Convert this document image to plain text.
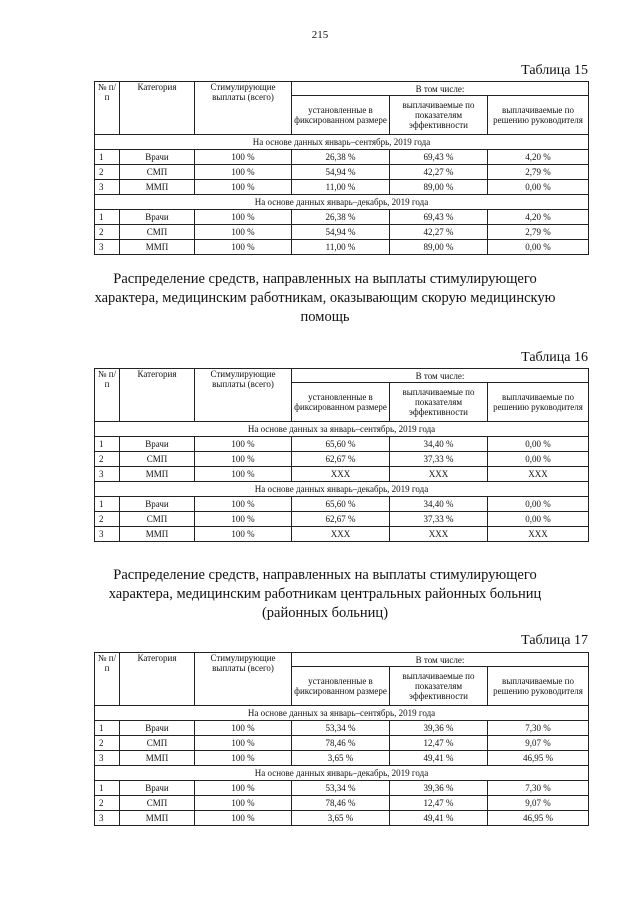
215
Таблица 15
№ п/п	Категория	Стимулирующие выплаты (всего)	В том числе:		
			установленные в фиксированном размере	выплачиваемые по показателям эффективности	выплачиваемые по решению руководителя
На основе данных январь–сентябрь, 2019 года					
1	Врачи	100 %	26,38 %	69,43 %	4,20 %
2	СМП	100 %	54,94 %	42,27 %	2,79 %
3	ММП	100 %	11,00 %	89,00 %	0,00 %
На основе данных январь–декабрь, 2019 года					
1	Врачи	100 %	26,38 %	69,43 %	4,20 %
2	СМП	100 %	54,94 %	42,27 %	2,79 %
3	ММП	100 %	11,00 %	89,00 %	0,00 %
Распределение средств, направленных на выплаты стимулирующего характера, медицинским работникам, оказывающим скорую медицинскую помощь
Таблица 16
№ п/п	Категория	Стимулирующие выплаты (всего)	В том числе:		
			установленные в фиксированном размере	выплачиваемые по показателям эффективности	выплачиваемые по решению руководителя
На основе данных за январь–сентябрь, 2019 года					
1	Врачи	100 %	65,60 %	34,40 %	0,00 %
2	СМП	100 %	62,67 %	37,33 %	0,00 %
3	ММП	100 %	XXX	XXX	XXX
На основе данных январь–декабрь, 2019 года					
1	Врачи	100 %	65,60 %	34,40 %	0,00 %
2	СМП	100 %	62,67 %	37,33 %	0,00 %
3	ММП	100 %	XXX	XXX	XXX
Распределение средств, направленных на выплаты стимулирующего характера, медицинским работникам центральных районных больниц (районных больниц)
Таблица 17
№ п/п	Категория	Стимулирующие выплаты (всего)	В том числе:		
			установленные в фиксированном размере	выплачиваемые по показателям эффективности	выплачиваемые по решению руководителя
На основе данных за январь–сентябрь, 2019 года					
1	Врачи	100 %	53,34 %	39,36 %	7,30 %
2	СМП	100 %	78,46 %	12,47 %	9,07 %
3	ММП	100 %	3,65 %	49,41 %	46,95 %
На основе данных январь–декабрь, 2019 года					
1	Врачи	100 %	53,34 %	39,36 %	7,30 %
2	СМП	100 %	78,46 %	12,47 %	9,07 %
3	ММП	100 %	3,65 %	49,41 %	46,95 %
